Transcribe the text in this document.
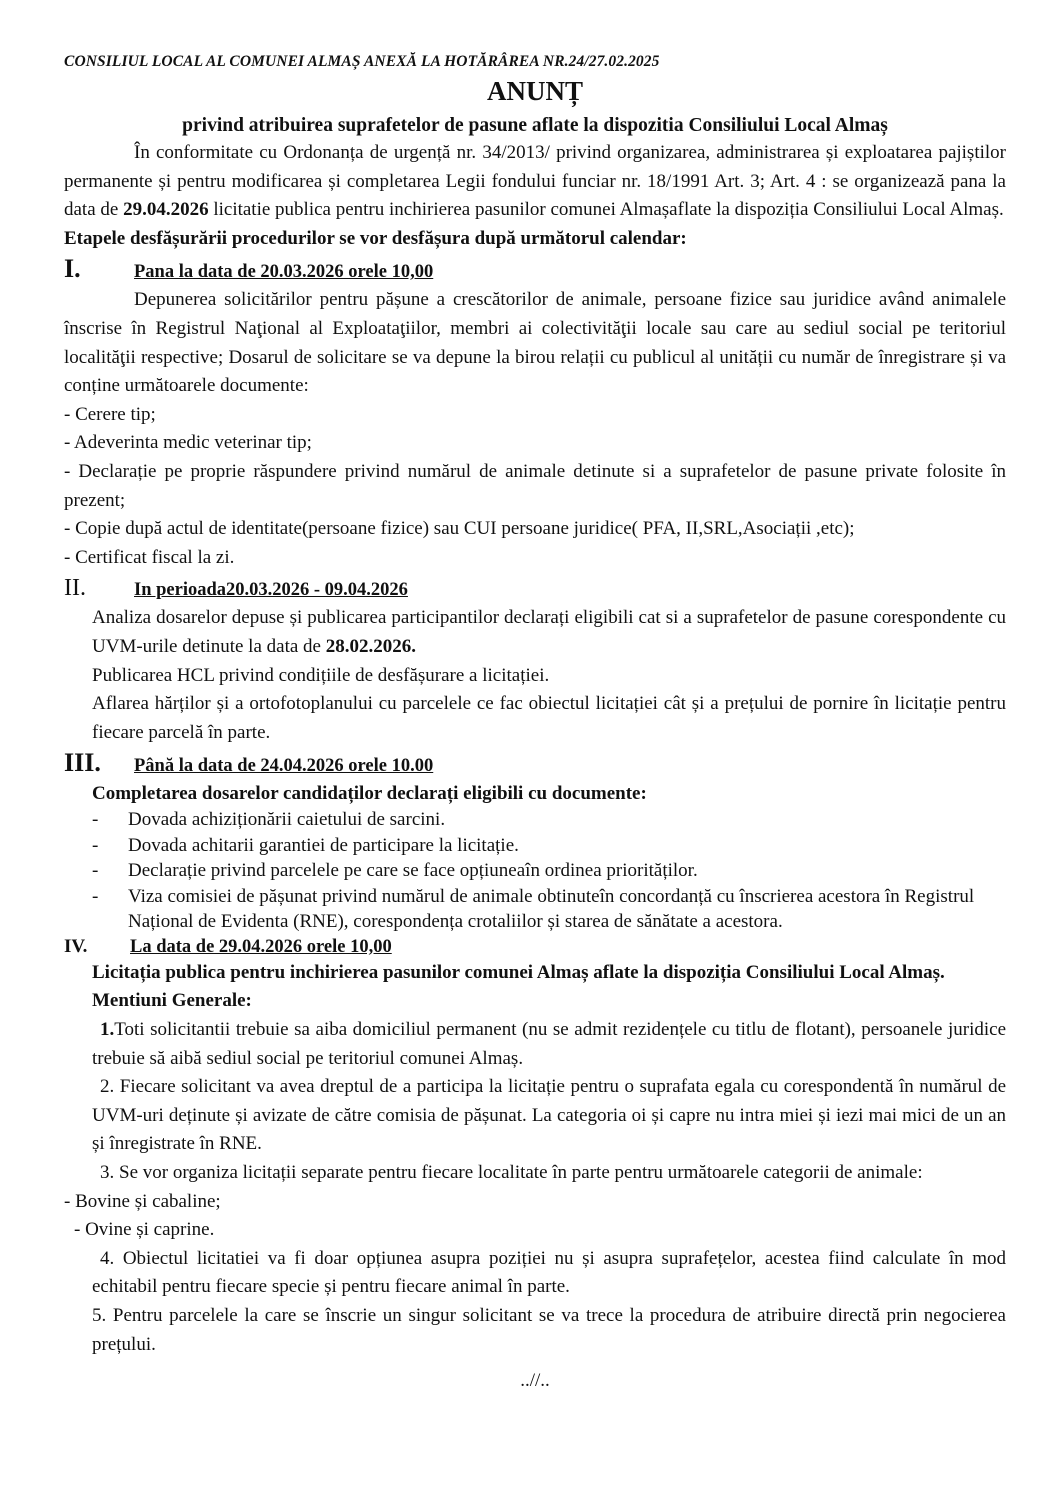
CONSILIUL LOCAL AL COMUNEI ALMAȘ ANEXĂ LA HOTĂRÂREA NR.24/27.02.2025
ANUNȚ
privind atribuirea suprafetelor de pasune aflate la dispozitia Consiliului Local Almaș

În conformitate cu Ordonanța de urgență nr. 34/2013/ privind organizarea, administrarea și exploatarea pajiștilor permanente și pentru modificarea și completarea Legii fondului funciar nr. 18/1991 Art. 3; Art. 4 : se organizează pana la data de 29.04.2026 licitatie publica pentru inchirierea pasunilor comunei Almașaflate la dispoziția Consiliului Local Almaș.

Etapele desfășurării procedurilor se vor desfășura după următorul calendar:

I.	Pana la data de 20.03.2026 orele 10,00

Depunerea solicitărilor pentru pășune a crescătorilor de animale, persoane fizice sau juridice având animalele înscrise în Registrul Naţional al Exploataţiilor, membri ai colectivităţii locale sau care au sediul social pe teritoriul localităţii respective; Dosarul de solicitare se va depune la birou relații cu publicul al unității cu număr de înregistrare și va conține următoarele documente:

- Cerere tip;

- Adeverinta medic veterinar tip;

- Declarație pe proprie răspundere privind numărul de animale detinute si a suprafetelor de pasune private folosite în prezent;

- Copie după actul de identitate(persoane fizice) sau CUI persoane juridice( PFA, II,SRL,Asociații ,etc);

- Certificat fiscal la zi.

II.	In perioada20.03.2026 - 09.04.2026

Analiza dosarelor depuse și publicarea participantilor declarați eligibili cat si a suprafetelor de pasune corespondente cu UVM-urile detinute la data de 28.02.2026.

Publicarea HCL privind condițiile de desfășurare a licitației.

Aflarea hărților și a ortofotoplanului cu parcelele ce fac obiectul licitației cât și a prețului de pornire în licitație pentru fiecare parcelă în parte.

III.	Până la data de 24.04.2026 orele 10.00
Completarea dosarelor candidaților declarați eligibili cu documente:
-	Dovada achiziționării caietului de sarcini.
-	Dovada achitarii garantiei de participare la licitație.
-	Declarație privind parcelele pe care se face opțiuneaîn ordinea priorităților.
-	Viza comisiei de pășunat privind numărul de animale obtinuteîn concordanță cu înscrierea acestora în Registrul Național de Evidenta (RNE), corespondența crotaliilor și starea de sănătate a acestora.
IV.	La data de 29.04.2026 orele 10,00

Licitația publica pentru inchirierea pasunilor comunei Almaș aflate la dispoziția Consiliului Local Almaș.

Mentiuni Generale:

1.Toti solicitantii trebuie sa aiba domiciliul permanent (nu se admit rezidențele cu titlu de flotant), persoanele juridice trebuie să aibă sediul social pe teritoriul comunei Almaș.

2. Fiecare solicitant va avea dreptul de a participa la licitație pentru o suprafata egala cu corespondentă în numărul de UVM-uri deținute și avizate de către comisia de pășunat. La categoria oi și capre nu intra miei și iezi mai mici de un an și înregistrate în RNE.

3. Se vor organiza licitații separate pentru fiecare localitate în parte pentru următoarele categorii de animale:

- Bovine și cabaline;

- Ovine și caprine.

4. Obiectul licitatiei va fi doar opțiunea asupra poziției nu și asupra suprafețelor, acestea fiind calculate în mod echitabil pentru fiecare specie și pentru fiecare animal în parte.

5. Pentru parcelele la care se înscrie un singur solicitant se va trece la procedura de atribuire directă prin negocierea prețului.

..//..
